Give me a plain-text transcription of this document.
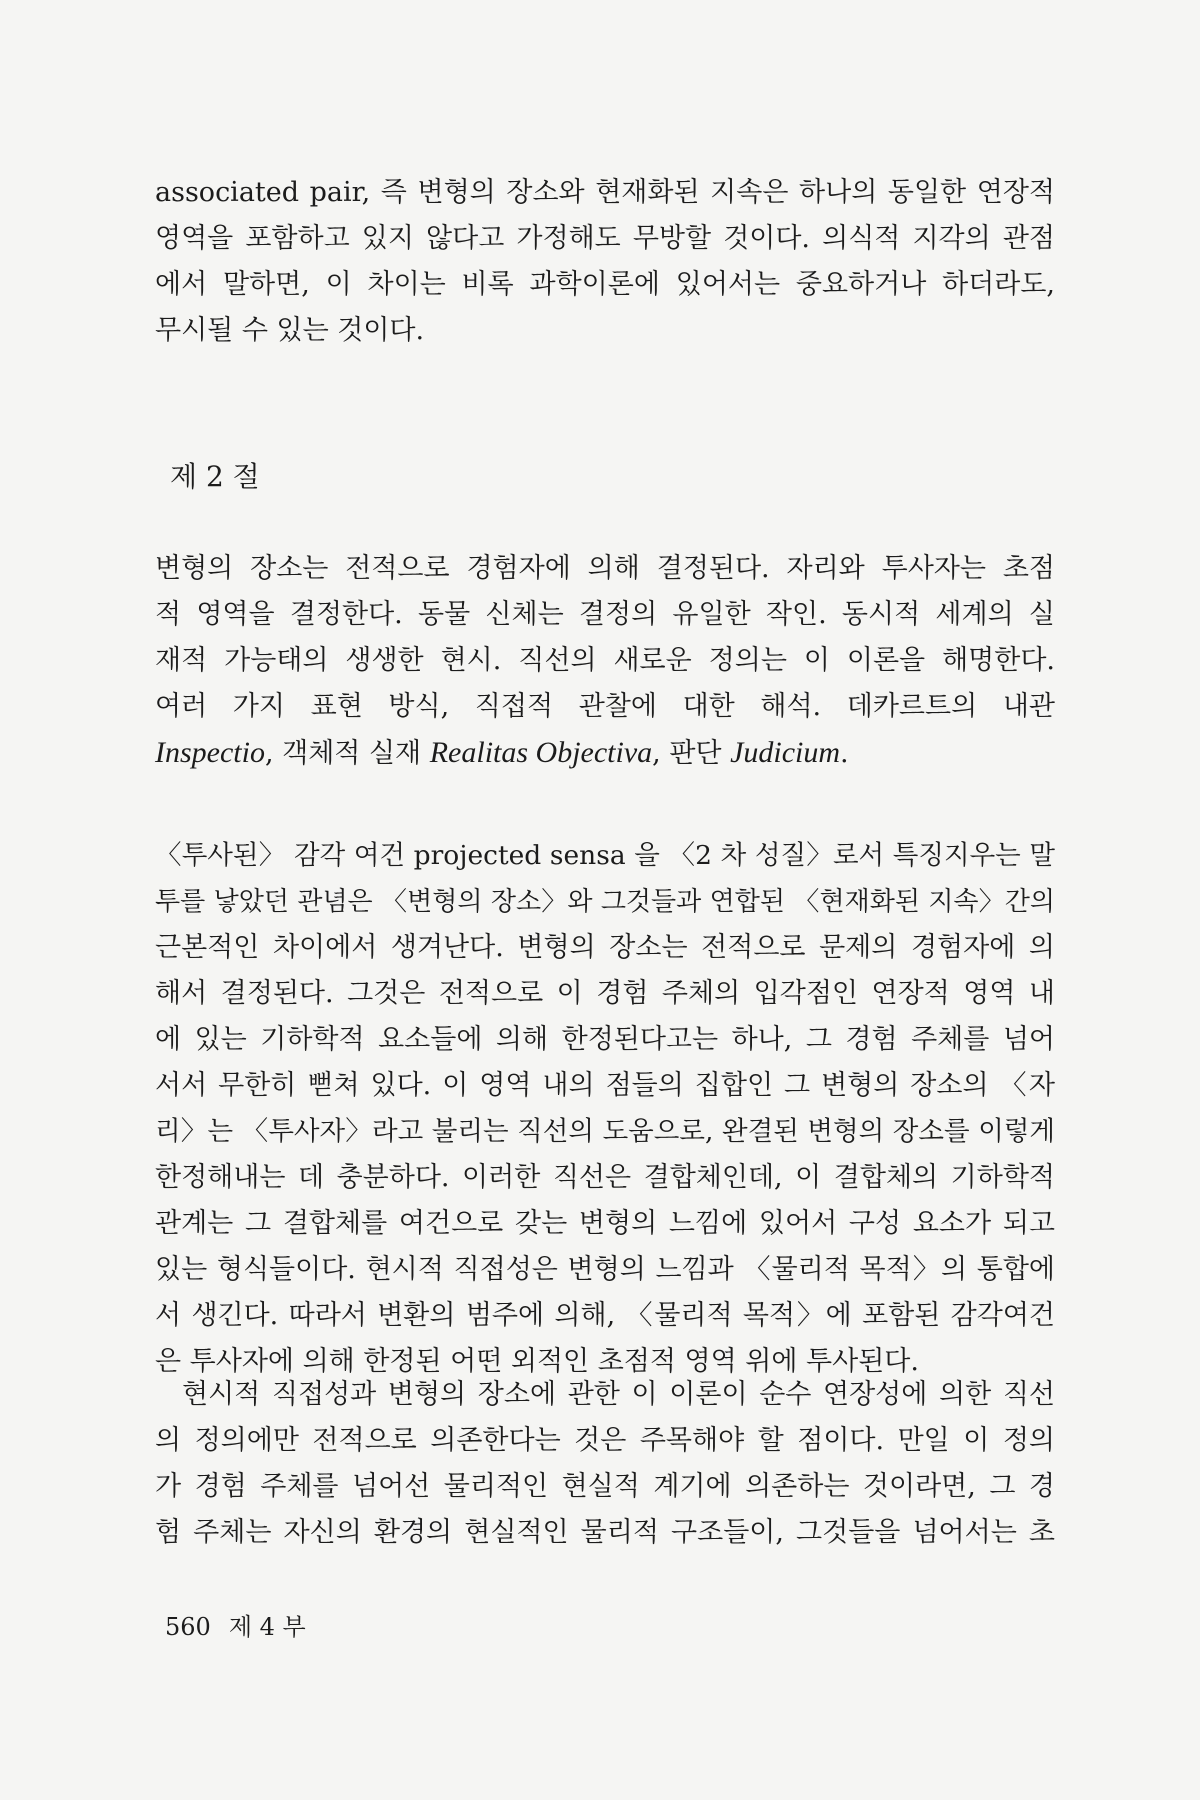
associated pair, 즉 변형의 장소와 현재화된 지속은 하나의 동일한 연장적
영역을 포함하고 있지 않다고 가정해도 무방할 것이다. 의식적 지각의 관점
에서 말하면, 이 차이는 비록 과학이론에 있어서는 중요하거나 하더라도,
무시될 수 있는 것이다.
제 2 절
변형의 장소는 전적으로 경험자에 의해 결정된다. 자리와 투사자는 초점
적 영역을 결정한다. 동물 신체는 결정의 유일한 작인. 동시적 세계의 실
재적 가능태의 생생한 현시. 직선의 새로운 정의는 이 이론을 해명한다.
여러 가지 표현 방식, 직접적 관찰에 대한 해석. 데카르트의 내관
Inspectio, 객체적 실재 Realitas Objectiva, 판단 Judicium.
〈투사된〉 감각 여건 projected sensa 을 〈2 차 성질〉로서 특징지우는 말
투를 낳았던 관념은 〈변형의 장소〉와 그것들과 연합된 〈현재화된 지속〉간의
근본적인 차이에서 생겨난다. 변형의 장소는 전적으로 문제의 경험자에 의
해서 결정된다. 그것은 전적으로 이 경험 주체의 입각점인 연장적 영역 내
에 있는 기하학적 요소들에 의해 한정된다고는 하나, 그 경험 주체를 넘어
서서 무한히 뻗쳐 있다. 이 영역 내의 점들의 집합인 그 변형의 장소의 〈자
리〉는 〈투사자〉라고 불리는 직선의 도움으로, 완결된 변형의 장소를 이렇게
한정해내는 데 충분하다. 이러한 직선은 결합체인데, 이 결합체의 기하학적
관계는 그 결합체를 여건으로 갖는 변형의 느낌에 있어서 구성 요소가 되고
있는 형식들이다. 현시적 직접성은 변형의 느낌과 〈물리적 목적〉의 통합에
서 생긴다. 따라서 변환의 범주에 의해, 〈물리적 목적〉에 포함된 감각여건
은 투사자에 의해 한정된 어떤 외적인 초점적 영역 위에 투사된다.
현시적 직접성과 변형의 장소에 관한 이 이론이 순수 연장성에 의한 직선
의 정의에만 전적으로 의존한다는 것은 주목해야 할 점이다. 만일 이 정의
가 경험 주체를 넘어선 물리적인 현실적 계기에 의존하는 것이라면, 그 경
험 주체는 자신의 환경의 현실적인 물리적 구조들이, 그것들을 넘어서는 초
560 제 4 부
